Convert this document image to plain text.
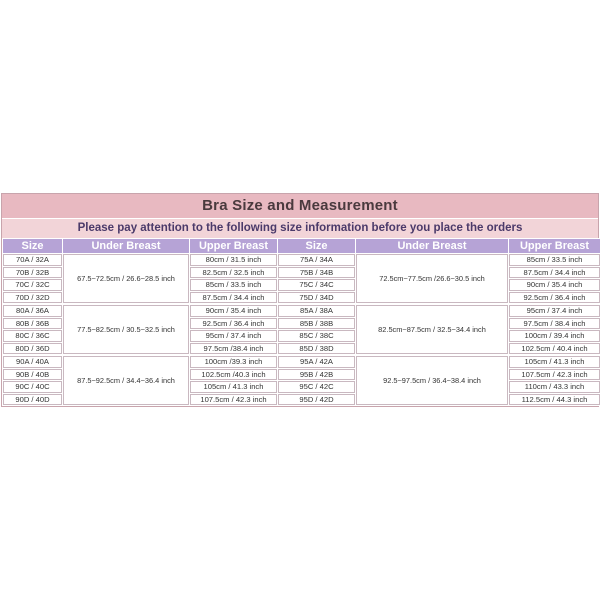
Bra Size and Measurement
Please pay attention to the following size information before you place the orders
Size	Under Breast	Upper Breast	Size	Under Breast	Upper Breast
70A / 32A	67.5~72.5cm / 26.6~28.5 inch	80cm / 31.5 inch	75A / 34A	72.5cm~77.5cm /26.6~30.5 inch	85cm / 33.5 inch
70B / 32B		82.5cm / 32.5 inch	75B / 34B		87.5cm / 34.4 inch
70C / 32C		85cm / 33.5 inch	75C / 34C		90cm / 35.4 inch
70D / 32D		87.5cm / 34.4 inch	75D / 34D		92.5cm / 36.4 inch
80A / 36A	77.5~82.5cm / 30.5~32.5 inch	90cm / 35.4 inch	85A / 38A	82.5cm~87.5cm / 32.5~34.4 inch	95cm / 37.4 inch
80B / 36B		92.5cm / 36.4 inch	85B / 38B		97.5cm / 38.4 inch
80C / 36C		95cm / 37.4 inch	85C / 38C		100cm / 39.4 inch
80D / 36D		97.5cm /38.4 inch	85D / 38D		102.5cm / 40.4 inch
90A / 40A	87.5~92.5cm / 34.4~36.4 inch	100cm /39.3 inch	95A / 42A	92.5~97.5cm / 36.4~38.4 inch	105cm / 41.3 inch
90B / 40B		102.5cm /40.3 inch	95B / 42B		107.5cm / 42.3 inch
90C / 40C		105cm / 41.3 inch	95C / 42C		110cm / 43.3 inch
90D / 40D		107.5cm / 42.3 inch	95D / 42D		112.5cm / 44.3 inch
